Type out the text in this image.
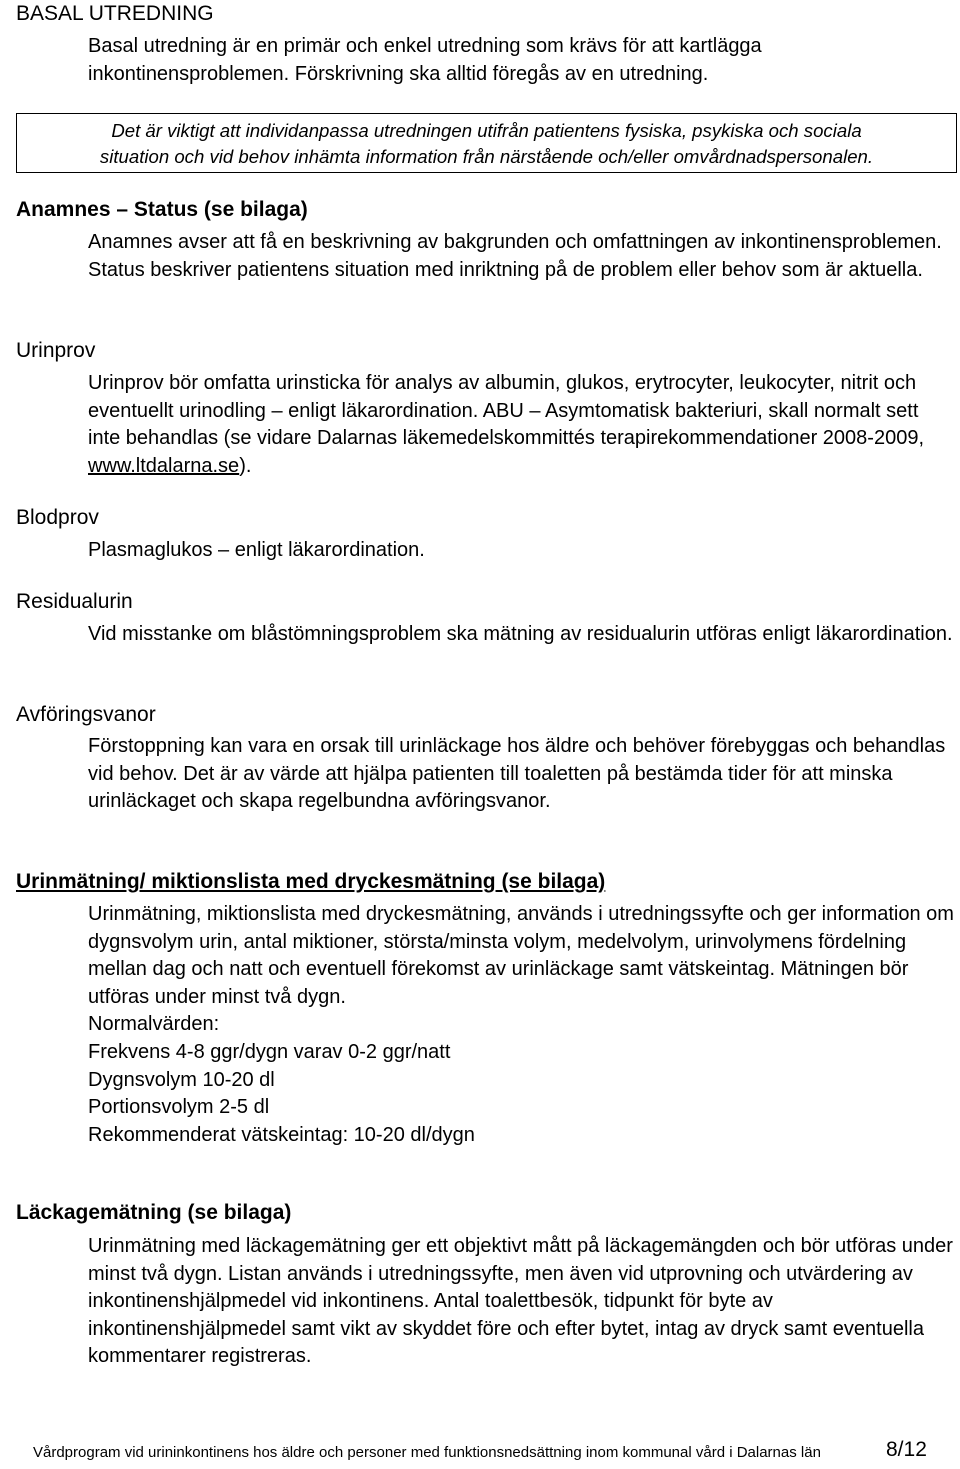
BASAL UTREDNING

Basal utredning är en primär och enkel utredning som krävs för att kartlägga

inkontinensproblemen. Förskrivning ska alltid föregås av en utredning.

Det är viktigt att individanpassa utredningen utifrån patientens fysiska, psykiska och sociala
situation och vid behov inhämta information från närstående och/eller omvårdnadspersonalen.
Anamnes – Status (se bilaga)

Anamnes avser att få en beskrivning av bakgrunden och omfattningen av inkontinensproblemen. Status beskriver patientens situation med inriktning på de problem eller behov som är aktuella.

Urinprov

Urinprov bör omfatta urinsticka för analys av albumin, glukos, erytrocyter, leukocyter, nitrit och eventuellt urinodling – enligt läkarordination. ABU – Asymtomatisk bakteriuri, skall normalt sett inte behandlas (se vidare Dalarnas läkemedelskommittés terapirekommendationer 2008-2009, www.ltdalarna.se).

Blodprov

Plasmaglukos – enligt läkarordination.

Residualurin

Vid misstanke om blåstömningsproblem ska mätning av residualurin utföras enligt läkarordination.

Avföringsvanor

Förstoppning kan vara en orsak till urinläckage hos äldre och behöver förebyggas och behandlas vid behov. Det är av värde att hjälpa patienten till toaletten på bestämda tider för att minska urinläckaget och skapa regelbundna avföringsvanor.

Urinmätning/ miktionslista med dryckesmätning (se bilaga)

Urinmätning, miktionslista med dryckesmätning, används i utredningssyfte och ger information om dygnsvolym urin, antal miktioner, största/minsta volym, medelvolym, urinvolymens fördelning mellan dag och natt och eventuell förekomst av urinläckage samt vätskeintag. Mätningen bör utföras under minst två dygn.

Normalvärden:

Frekvens 4-8 ggr/dygn varav 0-2 ggr/natt

Dygnsvolym 10-20 dl

Portionsvolym 2-5 dl

Rekommenderat vätskeintag: 10-20 dl/dygn

Läckagemätning (se bilaga)

Urinmätning med läckagemätning ger ett objektivt mått på läckagemängden och bör utföras under minst två dygn. Listan används i utredningssyfte, men även vid utprovning och utvärdering av inkontinenshjälpmedel vid inkontinens. Antal toalettbesök, tidpunkt för byte av inkontinenshjälpmedel samt vikt av skyddet före och efter bytet, intag av dryck samt eventuella kommentarer registreras.

Vårdprogram vid urininkontinens hos äldre och personer med funktionsnedsättning inom kommunal vård i Dalarnas län	8/12
